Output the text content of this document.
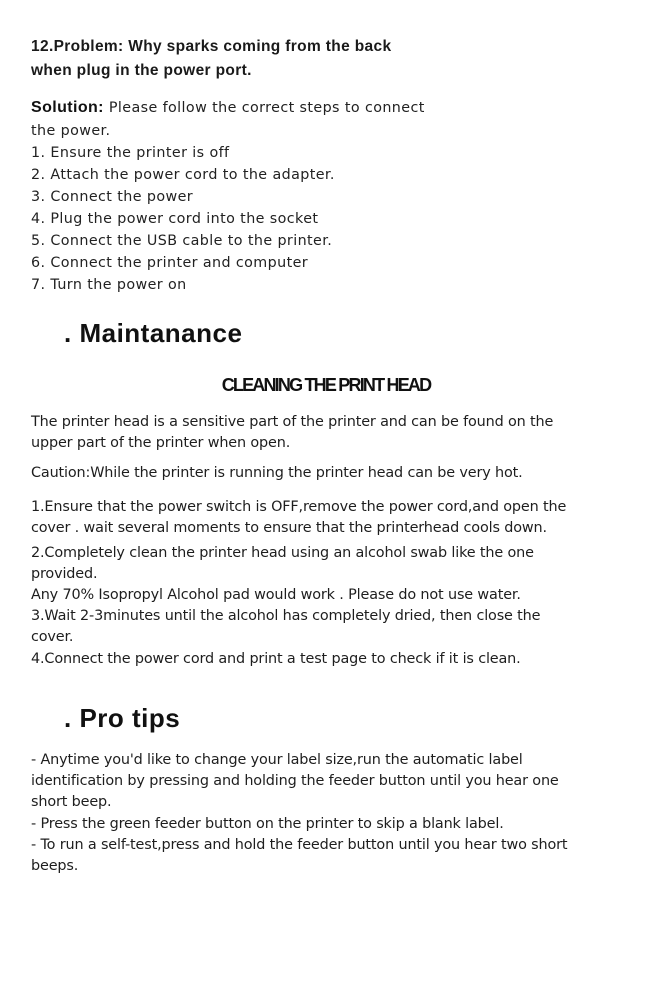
12.Problem: Why sparks coming from the back
when plug in the power port.
Solution: Please follow the correct steps to connect
the power.
1. Ensure the printer is off
2. Attach the power cord to the adapter.
3. Connect the power
4. Plug the power cord into the socket
5. Connect the USB cable to the printer.
6. Connect the printer and computer
7. Turn the power on
. Maintanance
CLEANING THE PRINT HEAD
The printer head is a sensitive part of the printer and can be found on the
upper part of the printer when open.
Caution:While the printer is running the printer head can be very hot.
1.Ensure that the power switch is OFF,remove the power cord,and open the
cover . wait several moments to ensure that the printerhead cools down.
2.Completely clean the printer head using an alcohol swab like the one
provided.
Any 70% Isopropyl Alcohol pad would work . Please do not use water.
3.Wait 2-3minutes until the alcohol has completely dried, then close the
cover.
4.Connect the power cord and print a test page to check if it is clean.
. Pro tips
- Anytime you'd like to change your label size,run the automatic label
identification by pressing and holding the feeder button until you hear one
short beep.
- Press the green feeder button on the printer to skip a blank label.
- To run a self-test,press and hold the feeder button until you hear two short
beeps.
